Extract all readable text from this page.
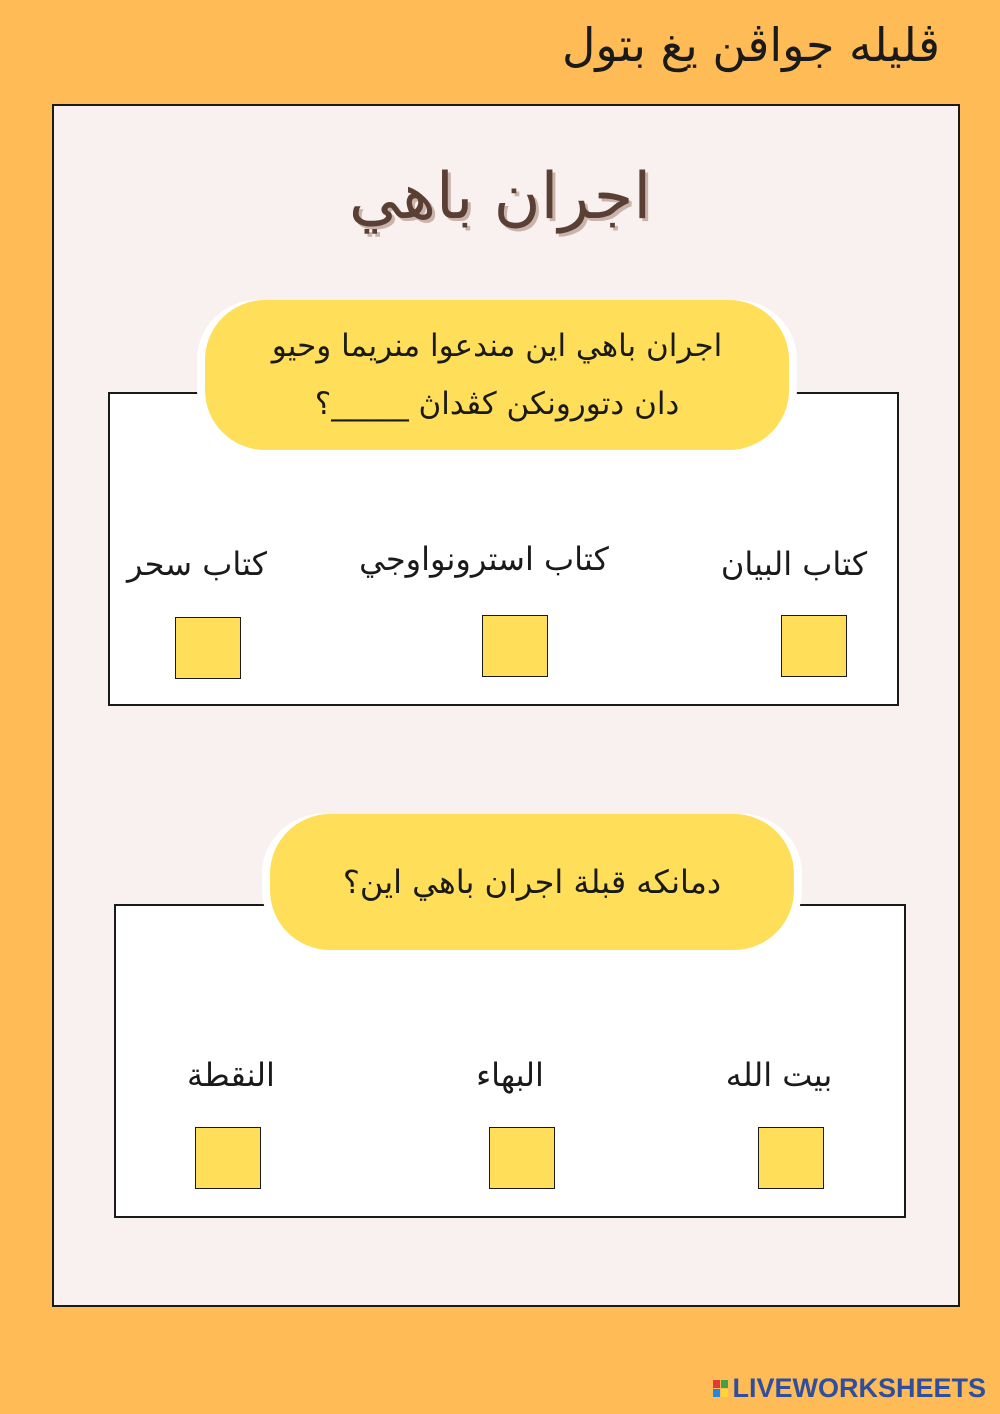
ڤليله جواڤن يغ بتول
اجران باهي
اجران باهي اين مندعوا منريما وحيو
دان دتورونكن كڤداڽ _____؟
كتاب البيان
كتاب استرونواوجي
كتاب سحر
دمانكه قبلة اجران باهي اين؟
بيت الله
البهاء
النقطة
LIVEWORKSHEETS
